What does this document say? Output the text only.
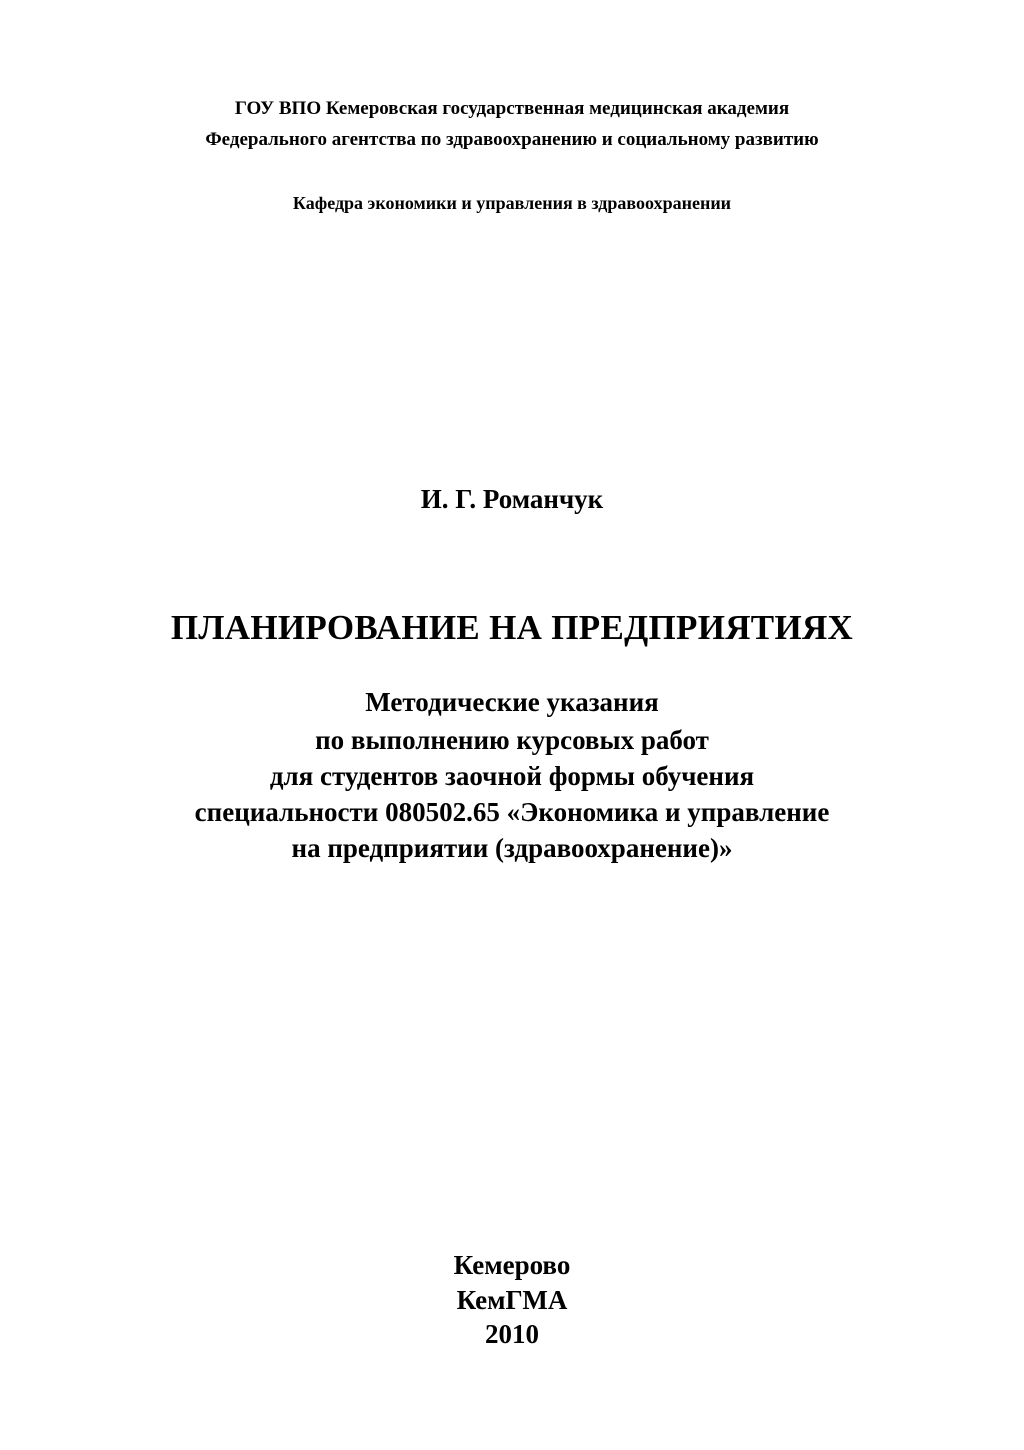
ГОУ ВПО Кемеровская государственная медицинская академия
Федерального агентства по здравоохранению и социальному развитию
Кафедра экономики и управления в здравоохранении
И. Г. Романчук
ПЛАНИРОВАНИЕ НА ПРЕДПРИЯТИЯХ
Методические указания
по выполнению курсовых работ
для студентов заочной формы обучения
специальности 080502.65 «Экономика и управление
на предприятии (здравоохранение)»
Кемерово
КемГМА
2010
